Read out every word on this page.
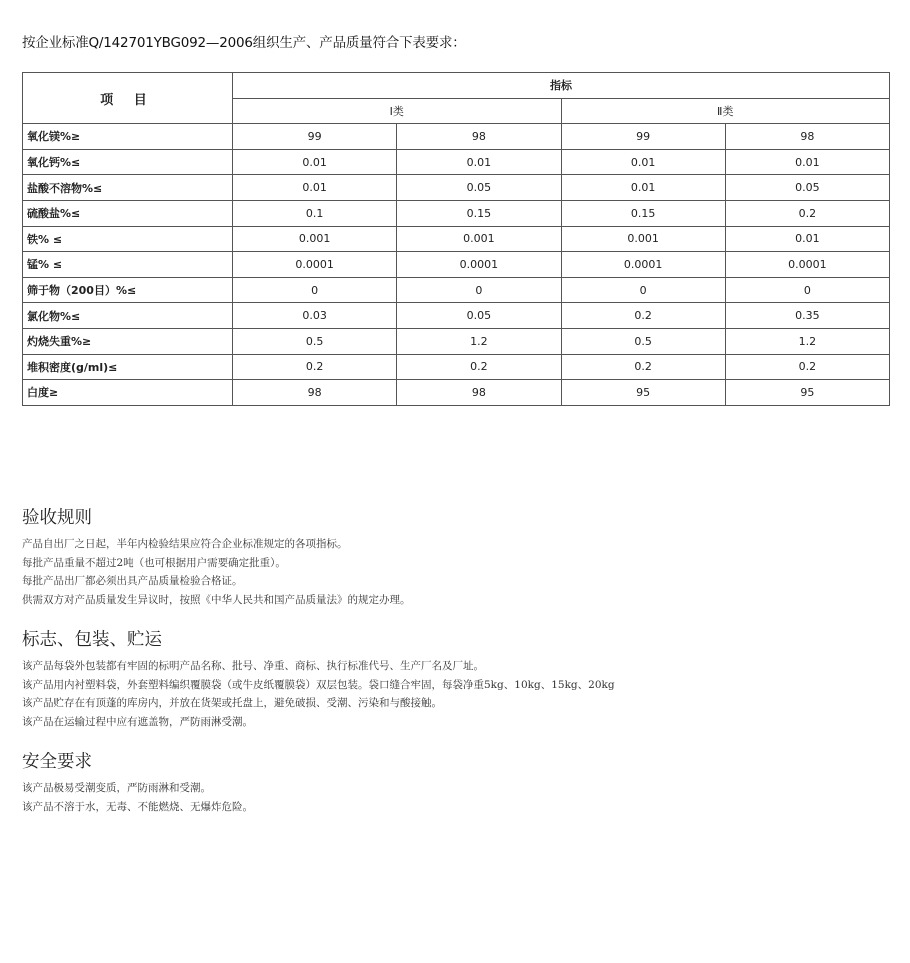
按企业标准Q/142701YBG092—2006组织生产、产品质量符合下表要求：
项 目	指标			
	Ⅰ类		Ⅱ类	
氧化镁%≥	99	98	99	98
氧化钙%≤	0.01	0.01	0.01	0.01
盐酸不溶物%≤	0.01	0.05	0.01	0.05
硫酸盐%≤	0.1	0.15	0.15	0.2
铁% ≤	0.001	0.001	0.001	0.01
锰% ≤	0.0001	0.0001	0.0001	0.0001
筛于物（200目）%≤	0	0	0	0
氯化物%≤	0.03	0.05	0.2	0.35
灼烧失重%≥	0.5	1.2	0.5	1.2
堆积密度(g/ml)≤	0.2	0.2	0.2	0.2
白度≥	98	98	95	95
验收规则

产品自出厂之日起，半年内检验结果应符合企业标准规定的各项指标。

每批产品重量不超过2吨（也可根据用户需要确定批重）。

每批产品出厂都必须出具产品质量检验合格证。

供需双方对产品质量发生异议时，按照《中华人民共和国产品质量法》的规定办理。

标志、包装、贮运

该产品每袋外包装都有牢固的标明产品名称、批号、净重、商标、执行标准代号、生产厂名及厂址。

该产品用内衬塑料袋，外套塑料编织覆膜袋（或牛皮纸覆膜袋）双层包装。袋口缝合牢固，每袋净重5kg、10kg、15kg、20kg

该产品贮存在有顶蓬的库房内，并放在货架或托盘上，避免破损、受潮、污染和与酸接触。

该产品在运输过程中应有遮盖物，严防雨淋受潮。

安全要求

该产品极易受潮变质，严防雨淋和受潮。

该产品不溶于水，无毒、不能燃烧、无爆炸危险。
